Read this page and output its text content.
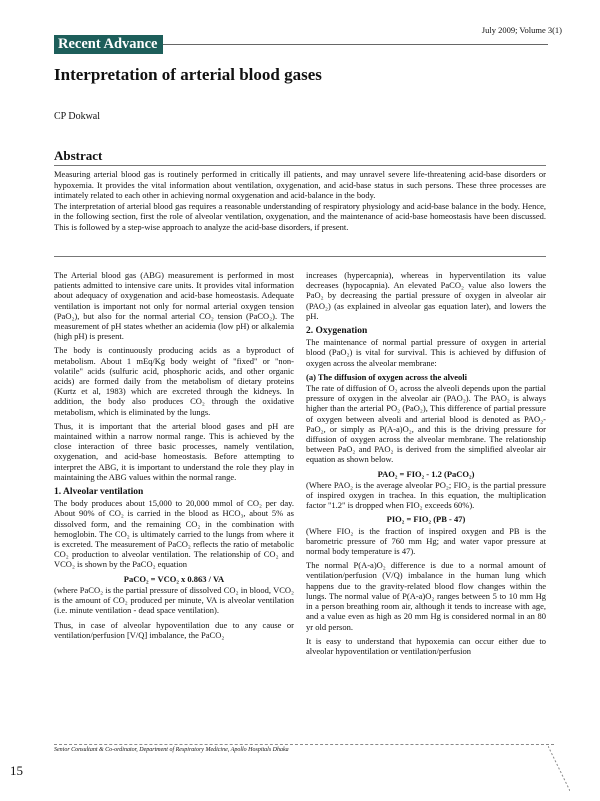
July 2009; Volume 3(1)
Recent Advance
Interpretation of arterial blood gases
CP Dokwal
Abstract

Measuring arterial blood gas is routinely performed in critically ill patients, and may unravel severe life-threatening acid-base disorders or hypoxemia. It provides the vital information about ventilation, oxygenation, and acid-base status in such persons. These three processes are intimately related to each other in achieving normal oxygenation and acid-balance in the body.

The interpretation of arterial blood gas requires a reasonable understanding of respiratory physiology and acid-base balance in the body. Hence, in the following section, first the role of alveolar ventilation, oxygenation, and the maintenance of acid-base homeostasis have been discussed. This is followed by a step-wise approach to analyze the acid-base disorders, if present.

The Arterial blood gas (ABG) measurement is performed in most patients admitted to intensive care units. It provides vital information about adequacy of oxygenation and acid-base homeostasis. Adequate ventilation is important not only for normal arterial oxygen tension (PaO₂), but also for the normal arterial CO₂ tension (PaCO₂). The measurement of pH states whether an acidemia (low pH) or alkalemia (high pH) is present.

The body is continuously producing acids as a byproduct of metabolism. About 1 mEq/Kg body weight of "fixed" or "non-volatile" acids (sulfuric acid, phosphoric acids, and other organic acids) are formed daily from the metabolism of dietary proteins (Kurtz et al, 1983) which are excreted through the kidneys. In addition, the body also produces CO₂ through the oxidative metabolism, which is eliminated by the lungs.

Thus, it is important that the arterial blood gases and pH are maintained within a narrow normal range. This is achieved by the close interaction of three basic processes, namely ventilation, oxygenation, and acid-base homeostasis. Before attempting to interpret the ABG, it is important to understand the role they play in maintaining the ABG values within the normal range.

1. Alveolar ventilation

The body produces about 15,000 to 20,000 mmol of CO₂ per day. About 90% of CO₂ is carried in the blood as HCO₃, about 5% as dissolved form, and the remaining CO₂ in the combination with hemoglobin. The CO₂ is ultimately carried to the lungs from where it is excreted. The measurement of PaCO₂ reflects the ratio of metabolic CO₂ production to alveolar ventilation. The relationship of CO₂ and VCO₂ is shown by the PaCO₂ equation

PaCO₂ = VCO₂ x 0.863 / VA

(where PaCO₂ is the partial pressure of dissolved CO₂ in blood, VCO₂ is the amount of CO₂ produced per minute, VA is alveolar ventilation (i.e. minute ventilation - dead space ventilation).

Thus, in case of alveolar hypoventilation due to any cause or ventilation/perfusion [V/Q] imbalance, the PaCO₂

increases (hypercapnia), whereas in hyperventilation its value decreases (hypocapnia). An elevated PaCO₂ value also lowers the PaO₂ by decreasing the partial pressure of oxygen in alveolar air (PAO₂) (as explained in alveolar gas equation later), and lowers the pH.

2. Oxygenation

The maintenance of normal partial pressure of oxygen in arterial blood (PaO₂) is vital for survival. This is achieved by diffusion of oxygen across the alveolar membrane:

(a) The diffusion of oxygen across the alveoli

The rate of diffusion of O₂ across the alveoli depends upon the partial pressure of oxygen in the alveolar air (PAO₂). The PAO₂ is always higher than the arterial PO₂ (PaO₂), This difference of partial pressure of oxygen between alveoli and arterial blood is denoted as PAO₂-PaO₂, or simply as P(A-a)O₂, and this is the driving pressure for diffusion of oxygen across the alveolar membrane. The relationship between PaO₂ and PAO₂ is derived from the simplified alveolar air equation as shown below.

PAO₂ = FIO₂ - 1.2 (PaCO₂)

(Where PAO₂ is the average alveolar PO₂; FIO₂ is the partial pressure of inspired oxygen in trachea. In this equation, the multiplication factor "1.2" is dropped when FIO₂ exceeds 60%).

PIO₂ = FIO₂ (PB - 47)

(Where FIO₂ is the fraction of inspired oxygen and PB is the barometric pressure of 760 mm Hg; and water vapor pressure at normal body temperature is 47).

The normal P(A-a)O₂ difference is due to a normal amount of ventilation/perfusion (V/Q) imbalance in the human lung which happens due to the gravity-related blood flow changes within the lungs. The normal value of P(A-a)O₂ ranges between 5 to 10 mm Hg in a person breathing room air, although it tends to increase with age, and a value even as high as 20 mm Hg is considered normal in an 80 yr old person.

It is easy to understand that hypoxemia can occur either due to alveolar hypoventilation or ventilation/perfusion

Senior Consultant & Co-ordinator, Department of Respiratory Medicine, Apollo Hospitals Dhaka
15
